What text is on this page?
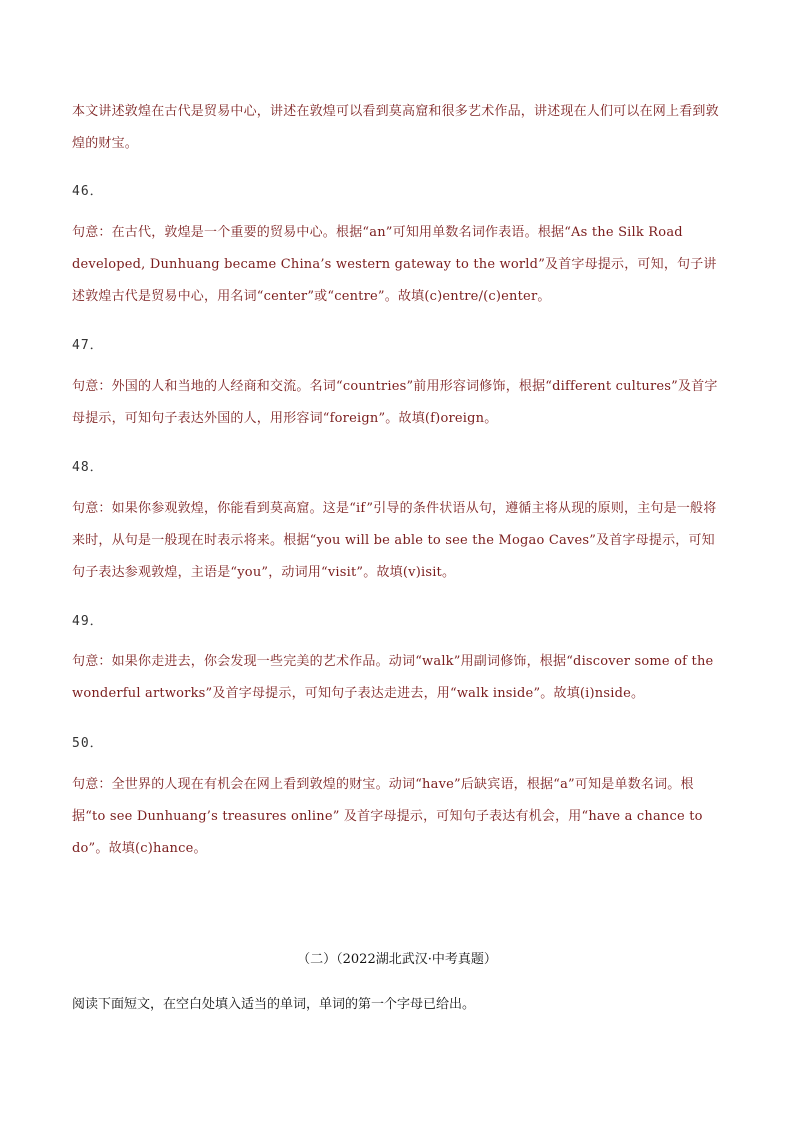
本文讲述敦煌在古代是贸易中心，讲述在敦煌可以看到莫高窟和很多艺术作品，讲述现在人们可以在网上看到敦煌的财宝。
46．
句意：在古代，敦煌是一个重要的贸易中心。根据“an”可知用单数名词作表语。根据“As the Silk Road developed, Dunhuang became China’s western gateway to the world”及首字母提示，可知，句子讲述敦煌古代是贸易中心，用名词“center”或“centre”。故填(c)entre/(c)enter。
47．
句意：外国的人和当地的人经商和交流。名词“countries”前用形容词修饰，根据“different cultures”及首字母提示，可知句子表达外国的人，用形容词“foreign”。故填(f)oreign。
48．
句意：如果你参观敦煌，你能看到莫高窟。这是“if”引导的条件状语从句，遵循主将从现的原则，主句是一般将来时，从句是一般现在时表示将来。根据“you will be able to see the Mogao Caves”及首字母提示，可知句子表达参观敦煌，主语是“you”，动词用“visit”。故填(v)isit。
49．
句意：如果你走进去，你会发现一些完美的艺术作品。动词“walk”用副词修饰，根据“discover some of the wonderful artworks”及首字母提示，可知句子表达走进去，用“walk inside”。故填(i)nside。
50．
句意：全世界的人现在有机会在网上看到敦煌的财宝。动词“have”后缺宾语，根据“a”可知是单数名词。根据“to see Dunhuang’s treasures online” 及首字母提示，可知句子表达有机会，用“have a chance to do”。故填(c)hance。
（二）（2022湖北武汉·中考真题）
阅读下面短文，在空白处填入适当的单词，单词的第一个字母已给出。
